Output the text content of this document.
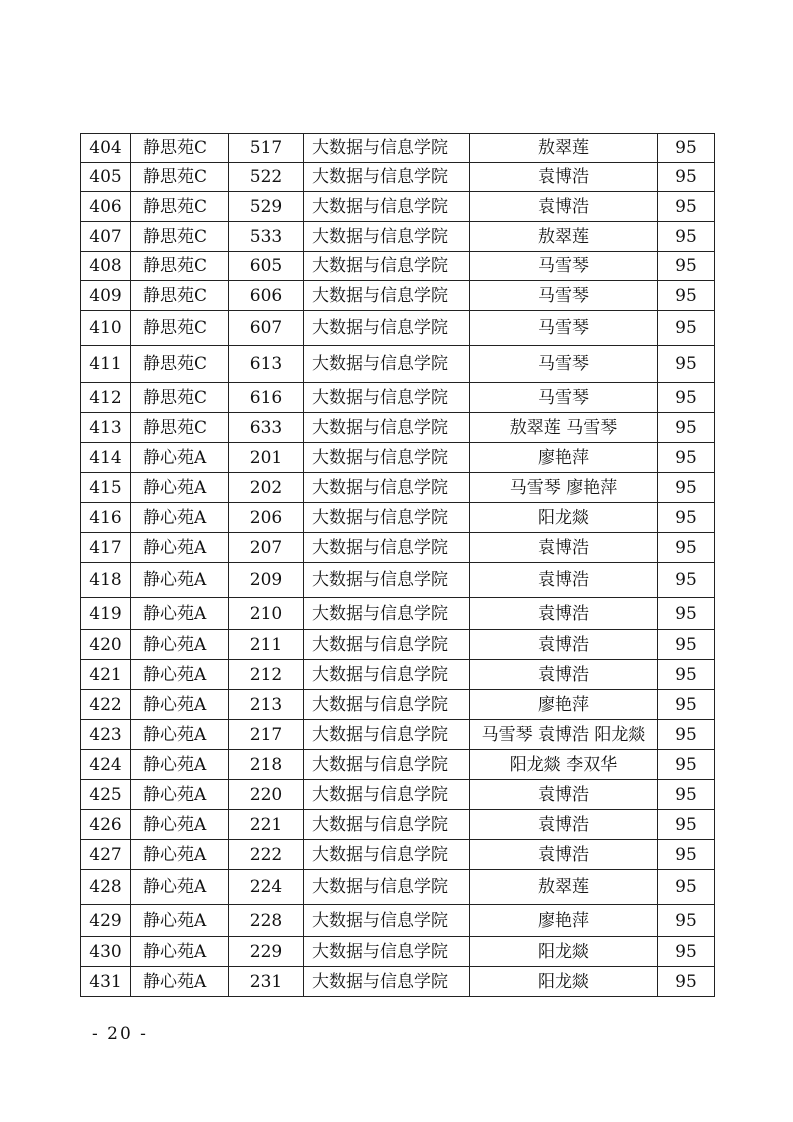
404	静思苑C	517	大数据与信息学院	敖翠莲	95
405	静思苑C	522	大数据与信息学院	袁博浩	95
406	静思苑C	529	大数据与信息学院	袁博浩	95
407	静思苑C	533	大数据与信息学院	敖翠莲	95
408	静思苑C	605	大数据与信息学院	马雪琴	95
409	静思苑C	606	大数据与信息学院	马雪琴	95
410	静思苑C	607	大数据与信息学院	马雪琴	95
411	静思苑C	613	大数据与信息学院	马雪琴	95
412	静思苑C	616	大数据与信息学院	马雪琴	95
413	静思苑C	633	大数据与信息学院	敖翠莲 马雪琴	95
414	静心苑A	201	大数据与信息学院	廖艳萍	95
415	静心苑A	202	大数据与信息学院	马雪琴 廖艳萍	95
416	静心苑A	206	大数据与信息学院	阳龙燚	95
417	静心苑A	207	大数据与信息学院	袁博浩	95
418	静心苑A	209	大数据与信息学院	袁博浩	95
419	静心苑A	210	大数据与信息学院	袁博浩	95
420	静心苑A	211	大数据与信息学院	袁博浩	95
421	静心苑A	212	大数据与信息学院	袁博浩	95
422	静心苑A	213	大数据与信息学院	廖艳萍	95
423	静心苑A	217	大数据与信息学院	马雪琴 袁博浩 阳龙燚	95
424	静心苑A	218	大数据与信息学院	阳龙燚 李双华	95
425	静心苑A	220	大数据与信息学院	袁博浩	95
426	静心苑A	221	大数据与信息学院	袁博浩	95
427	静心苑A	222	大数据与信息学院	袁博浩	95
428	静心苑A	224	大数据与信息学院	敖翠莲	95
429	静心苑A	228	大数据与信息学院	廖艳萍	95
430	静心苑A	229	大数据与信息学院	阳龙燚	95
431	静心苑A	231	大数据与信息学院	阳龙燚	95
- 20 -
